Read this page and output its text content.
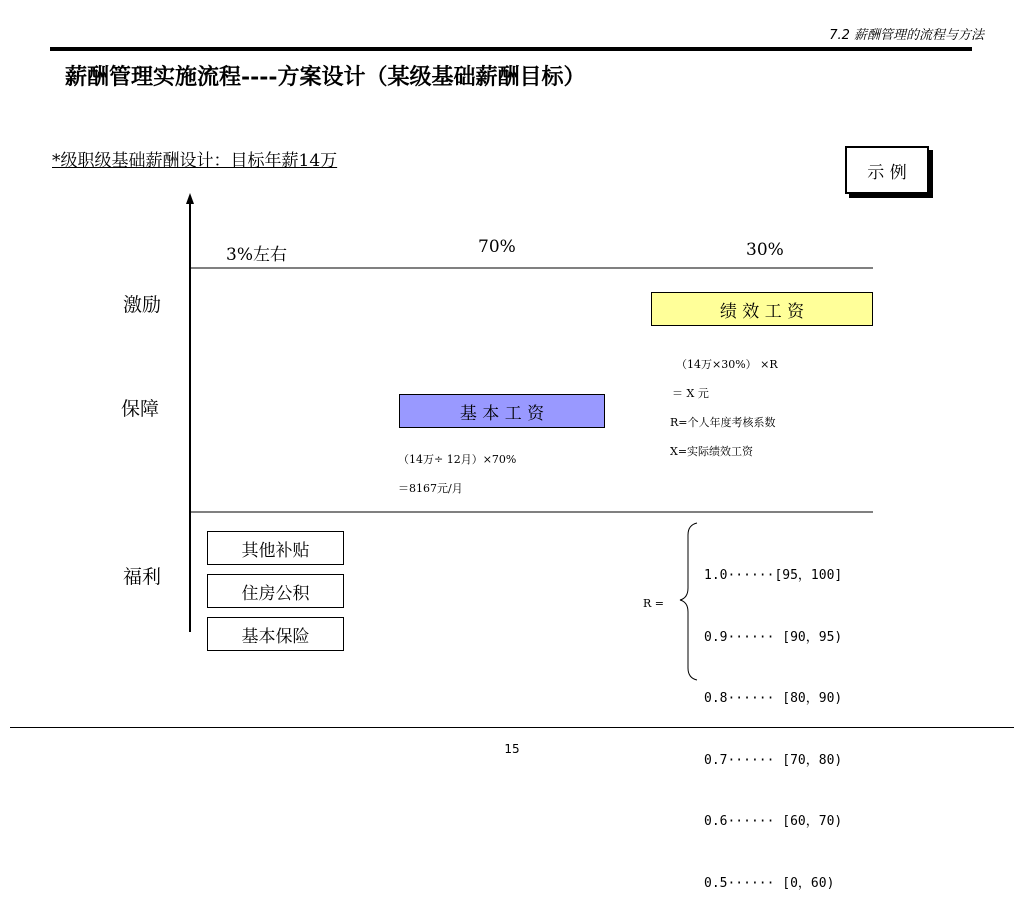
7.2 薪酬管理的流程与方法
薪酬管理实施流程----方案设计（某级基础薪酬目标）
*级职级基础薪酬设计：目标年薪14万
示 例
3%左右	70%	30%
激励
保障
福利
绩 效 工 资
（14万×30%） ×R
＝ X 元
R=个人年度考核系数
X=实际绩效工资
基 本 工 资
（14万÷ 12月）×70%
＝8167元/月
其他补贴
住房公积
基本保险
R =

1.0······[95，100]

0.9······ [90，95)

0.8······ [80，90)

0.7······ [70，80)

0.6······ [60，70)

0.5······ [0，60)

15
